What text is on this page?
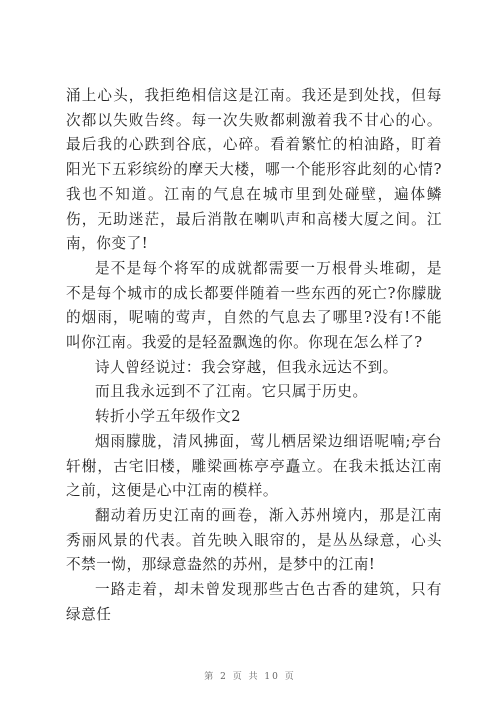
涌上心头，我拒绝相信这是江南。我还是到处找，但每次都以失败告终。每一次失败都刺激着我不甘心的心。最后我的心跌到谷底，心碎。看着繁忙的柏油路，盯着阳光下五彩缤纷的摩天大楼，哪一个能形容此刻的心情?我也不知道。江南的气息在城市里到处碰壁，遍体鳞伤，无助迷茫，最后消散在喇叭声和高楼大厦之间。江南，你变了!

是不是每个将军的成就都需要一万根骨头堆砌，是不是每个城市的成长都要伴随着一些东西的死亡?你朦胧的烟雨，呢喃的莺声，自然的气息去了哪里?没有!不能叫你江南。我爱的是轻盈飘逸的你。你现在怎么样了?

诗人曾经说过：我会穿越，但我永远达不到。

而且我永远到不了江南。它只属于历史。

转折小学五年级作文2

烟雨朦胧，清风拂面，莺儿栖居梁边细语呢喃;亭台轩榭，古宅旧楼，雕梁画栋亭亭矗立。在我未抵达江南之前，这便是心中江南的模样。

翻动着历史江南的画卷，渐入苏州境内，那是江南秀丽风景的代表。首先映入眼帘的，是丛丛绿意，心头不禁一怮，那绿意盎然的苏州，是梦中的江南!

一路走着，却未曾发现那些古色古香的建筑，只有绿意任

第 2 页 共 10 页
